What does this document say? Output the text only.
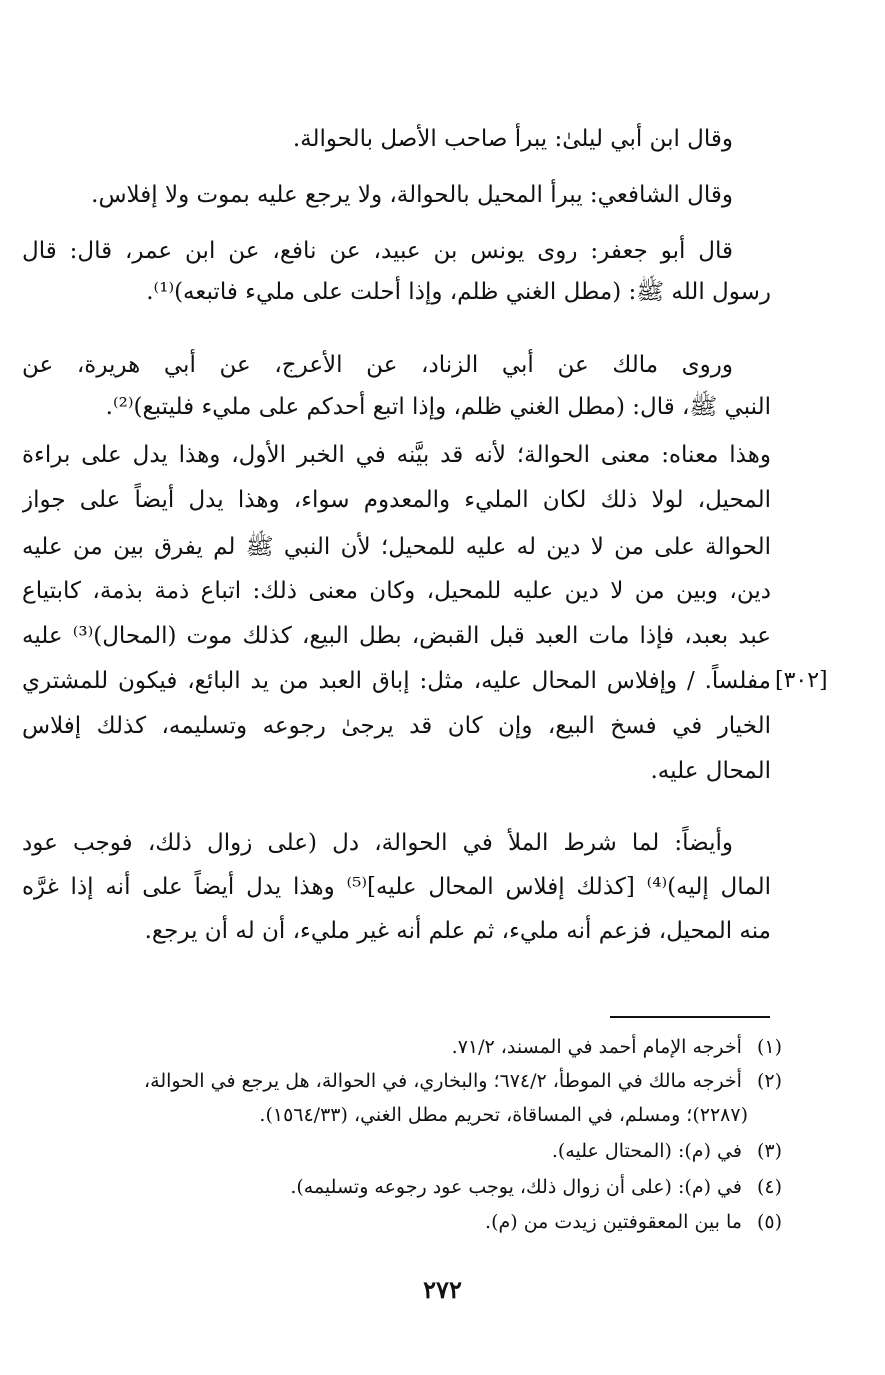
وقال ابن أبي ليلىٰ: يبرأ صاحب الأصل بالحوالة.
وقال الشافعي: يبرأ المحيل بالحوالة، ولا يرجع عليه بموت ولا إفلاس.
قال أبو جعفر: روى يونس بن عبيد، عن نافع، عن ابن عمر، قال: قال
رسول الله ﷺ: (مطل الغني ظلم، وإذا أحلت على مليء فاتبعه)⁽¹⁾.
وروى مالك عن أبي الزناد، عن الأعرج، عن أبي هريرة، عن
النبي ﷺ، قال: (مطل الغني ظلم، وإذا اتبع أحدكم على مليء فليتبع)⁽²⁾.
وهذا معناه: معنى الحوالة؛ لأنه قد بيَّنه في الخبر الأول، وهذا يدل على براءة
المحيل، لولا ذلك لكان المليء والمعدوم سواء، وهذا يدل أيضاً على جواز
الحوالة على من لا دين له عليه للمحيل؛ لأن النبي ﷺ لم يفرق بين من عليه
دين، وبين من لا دين عليه للمحيل، وكان معنى ذلك: اتباع ذمة بذمة، كابتياع
عبد بعبد، فإذا مات العبد قبل القبض، بطل البيع، كذلك موت (المحال)⁽³⁾ عليه
مفلساً. / وإفلاس المحال عليه، مثل: إباق العبد من يد البائع، فيكون للمشتري [٣٠٢]
الخيار في فسخ البيع، وإن كان قد يرجىٰ رجوعه وتسليمه، كذلك إفلاس
المحال عليه.
وأيضاً: لما شرط الملأ في الحوالة، دل (على زوال ذلك، فوجب عود
المال إليه)⁽⁴⁾ [كذلك إفلاس المحال عليه]⁽⁵⁾ وهذا يدل أيضاً على أنه إذا غرَّه
منه المحيل، فزعم أنه مليء، ثم علم أنه غير مليء، أن له أن يرجع.
(١) أخرجه الإمام أحمد في المسند، ٧١/٢.
(٢) أخرجه مالك في الموطأ، ٦٧٤/٢؛ والبخاري، في الحوالة، هل يرجع في الحوالة،
(٢٢٨٧)؛ ومسلم، في المساقاة، تحريم مطل الغني، (١٥٦٤/٣٣).
(٣) في (م): (المحتال عليه).
(٤) في (م): (على أن زوال ذلك، يوجب عود رجوعه وتسليمه).
(٥) ما بين المعقوفتين زيدت من (م).
٢٧٢
